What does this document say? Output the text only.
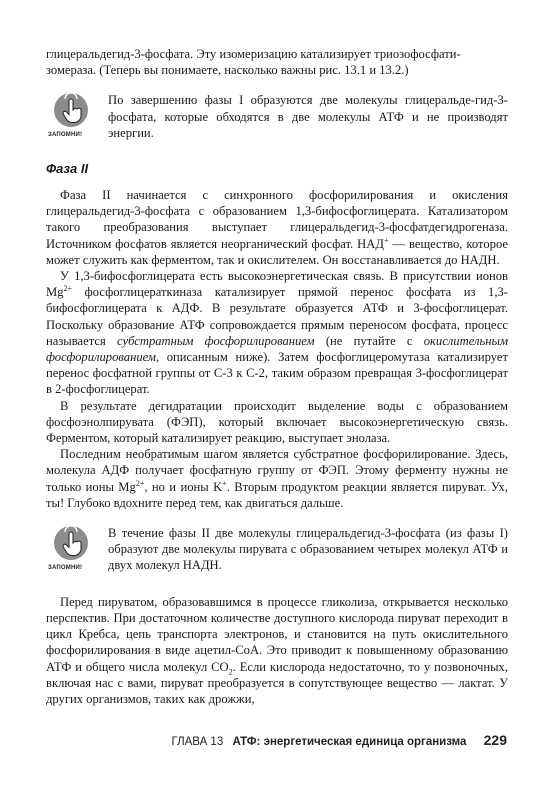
глицеральдегид-3-фосфата. Эту изомеризацию катализирует триозофосфати-
зомераза. (Теперь вы понимаете, насколько важны рис. 13.1 и 13.2.)

ЗАПОМНИ!

По завершению фазы I образуются две молекулы глицеральде-гид-3-фосфата, которые обходятся в две молекулы АТФ и не производят энергии.

Фаза II

Фаза II начинается с синхронного фосфорилирования и окисления глицеральдегид-3-фосфата с образованием 1,3-бифосфоглицерата. Катализатором такого преобразования выступает глицеральдегид-3-фосфатдегидрогеназа. Источником фосфатов является неорганический фосфат. НАД+ — вещество, которое может служить как ферментом, так и окислителем. Он восстанавливается до НАДН.

У 1,3-бифосфоглицерата есть высокоэнергетическая связь. В присутствии ионов $Mg^{2+}$ фосфоглицераткиназа катализирует прямой перенос фосфата из 1,3-бифосфоглицерата к АДФ. В результате образуется АТФ и 3-фосфоглицерат. Поскольку образование АТФ сопровождается прямым переносом фосфата, процесс называется субстратным фосфорилированием (не путайте с окислительным фосфорилированием, описанным ниже). Затем фосфоглицеромутаза катализирует перенос фосфатной группы от C-3 к C-2, таким образом превращая 3-фосфоглицерат в 2-фосфоглицерат.

В результате дегидратации происходит выделение воды с образованием фосфоэнолпирувата (ФЭП), который включает высокоэнергетическую связь. Ферментом, который катализирует реакцию, выступает энолаза.

Последним необратимым шагом является субстратное фосфорилирование. Здесь, молекула АДФ получает фосфатную группу от ФЭП. Этому ферменту нужны не только ионы $Mg^{2+}$, но и ионы K+. Вторым продуктом реакции является пируват. Ух, ты! Глубоко вдохните перед тем, как двигаться дальше.

ЗАПОМНИ!

В течение фазы II две молекулы глицеральдегид-3-фосфата (из фазы I) образуют две молекулы пирувата с образованием четырех молекул АТФ и двух молекул НАДН.

Перед пируватом, образовавшимся в процессе гликолиза, открывается несколько перспектив. При достаточном количестве доступного кислорода пируват переходит в цикл Кребса, цепь транспорта электронов, и становится на путь окислительного фосфорилирования в виде ацетил-CoA. Это приводит к повышенному образованию АТФ и общего числа молекул $CO_2$. Если кислорода недостаточно, то у позвоночных, включая нас с вами, пируват преобразуется в сопутствующее вещество — лактат. У других организмов, таких как дрожжи,

ГЛАВА 13 АТФ: энергетическая единица организма 229
